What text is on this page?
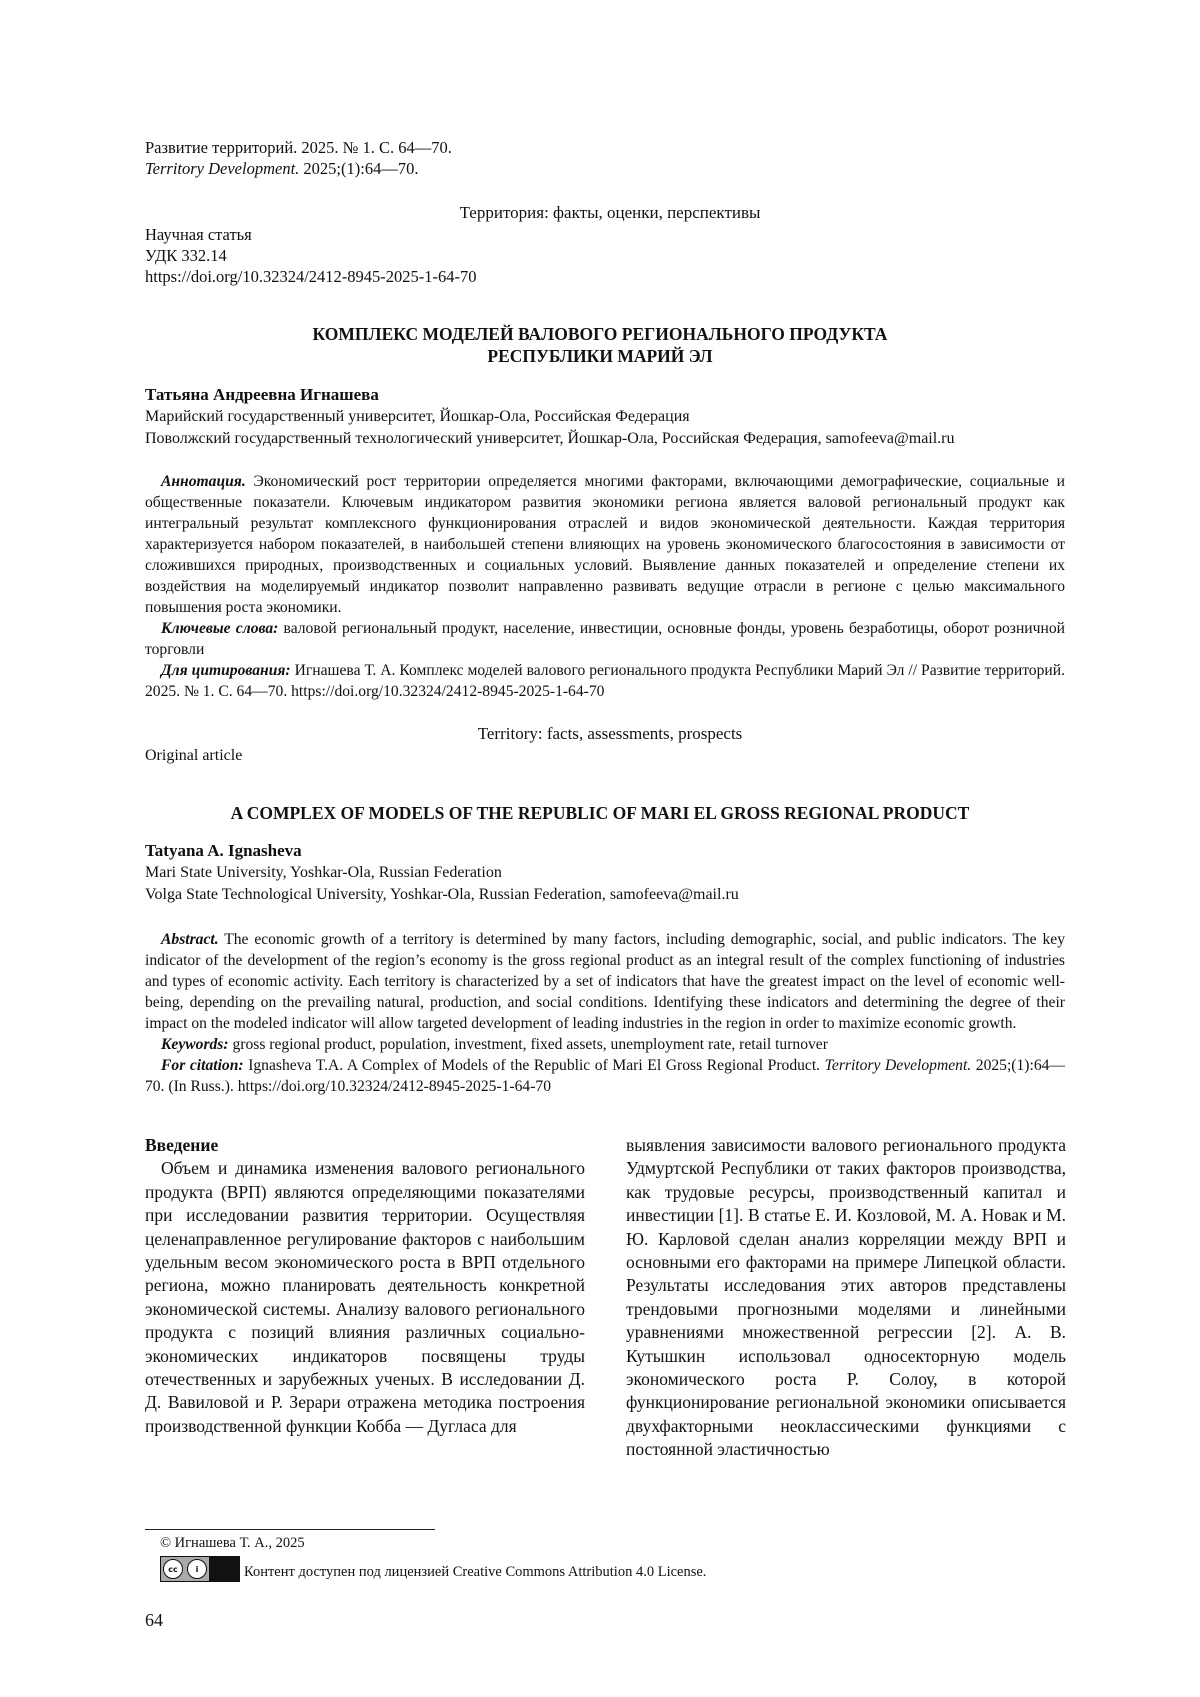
Развитие территорий. 2025. № 1. С. 64—70.
Territory Development. 2025;(1):64—70.
Территория: факты, оценки, перспективы
Научная статья
УДК 332.14
https://doi.org/10.32324/2412-8945-2025-1-64-70
КОМПЛЕКС МОДЕЛЕЙ ВАЛОВОГО РЕГИОНАЛЬНОГО ПРОДУКТА
РЕСПУБЛИКИ МАРИЙ ЭЛ
Татьяна Андреевна Игнашева
Марийский государственный университет, Йошкар-Ола, Российская Федерация
Поволжский государственный технологический университет, Йошкар-Ола, Российская Федерация, samofeeva@mail.ru

Аннотация. Экономический рост территории определяется многими факторами, включающими демографические, социальные и общественные показатели. Ключевым индикатором развития экономики региона является валовой региональный продукт как интегральный результат комплексного функционирования отраслей и видов экономической деятельности. Каждая территория характеризуется набором показателей, в наибольшей степени влияющих на уровень экономического благосостояния в зависимости от сложившихся природных, производственных и социальных условий. Выявление данных показателей и определение степени их воздействия на моделируемый индикатор позволит направленно развивать ведущие отрасли в регионе с целью максимального повышения роста экономики.

Ключевые слова: валовой региональный продукт, население, инвестиции, основные фонды, уровень безработицы, оборот розничной торговли

Для цитирования: Игнашева Т. А. Комплекс моделей валового регионального продукта Республики Марий Эл // Развитие территорий. 2025. № 1. С. 64—70. https://doi.org/10.32324/2412-8945-2025-1-64-70

Territory: facts, assessments, prospects
Original article
A COMPLEX OF MODELS OF THE REPUBLIC OF MARI EL GROSS REGIONAL PRODUCT
Tatyana A. Ignasheva
Mari State University, Yoshkar-Ola, Russian Federation
Volga State Technological University, Yoshkar-Ola, Russian Federation, samofeeva@mail.ru

Abstract. The economic growth of a territory is determined by many factors, including demographic, social, and public indicators. The key indicator of the development of the region’s economy is the gross regional product as an integral result of the complex functioning of industries and types of economic activity. Each territory is characterized by a set of indicators that have the greatest impact on the level of economic well-being, depending on the prevailing natural, production, and social conditions. Identifying these indicators and determining the degree of their impact on the modeled indicator will allow targeted development of leading industries in the region in order to maximize economic growth.

Keywords: gross regional product, population, investment, fixed assets, unemployment rate, retail turnover

For citation: Ignasheva T.A. A Complex of Models of the Republic of Mari El Gross Regional Product. Territory Development. 2025;(1):64—70. (In Russ.). https://doi.org/10.32324/2412-8945-2025-1-64-70

Введение

Объем и динамика изменения валового регионального продукта (ВРП) являются определяющими показателями при исследовании развития территории. Осуществляя целенаправленное регулирование факторов с наибольшим удельным весом экономического роста в ВРП отдельного региона, можно планировать деятельность конкретной экономической системы. Анализу валового регионального продукта с позиций влияния различных социально-экономических индикаторов посвящены труды отечественных и зарубежных ученых. В исследовании Д. Д. Вавиловой и Р. Зерари отражена методика построения производственной функции Кобба — Дугласа для

выявления зависимости валового регионального продукта Удмуртской Республики от таких факторов производства, как трудовые ресурсы, производственный капитал и инвестиции [1]. В статье Е. И. Козловой, М. А. Новак и М. Ю. Карловой сделан анализ корреляции между ВРП и основными его факторами на примере Липецкой области. Результаты исследования этих авторов представлены трендовыми прогнозными моделями и линейными уравнениями множественной регрессии [2]. А. В. Кутышкин использовал односекторную модель экономического роста Р. Солоу, в которой функционирование региональной экономики описывается двухфакторными неоклассическими функциями с постоянной эластичностью

© Игнашева Т. А., 2025
cc	i	Контент доступен под лицензией Creative Commons Attribution 4.0 License.
64
